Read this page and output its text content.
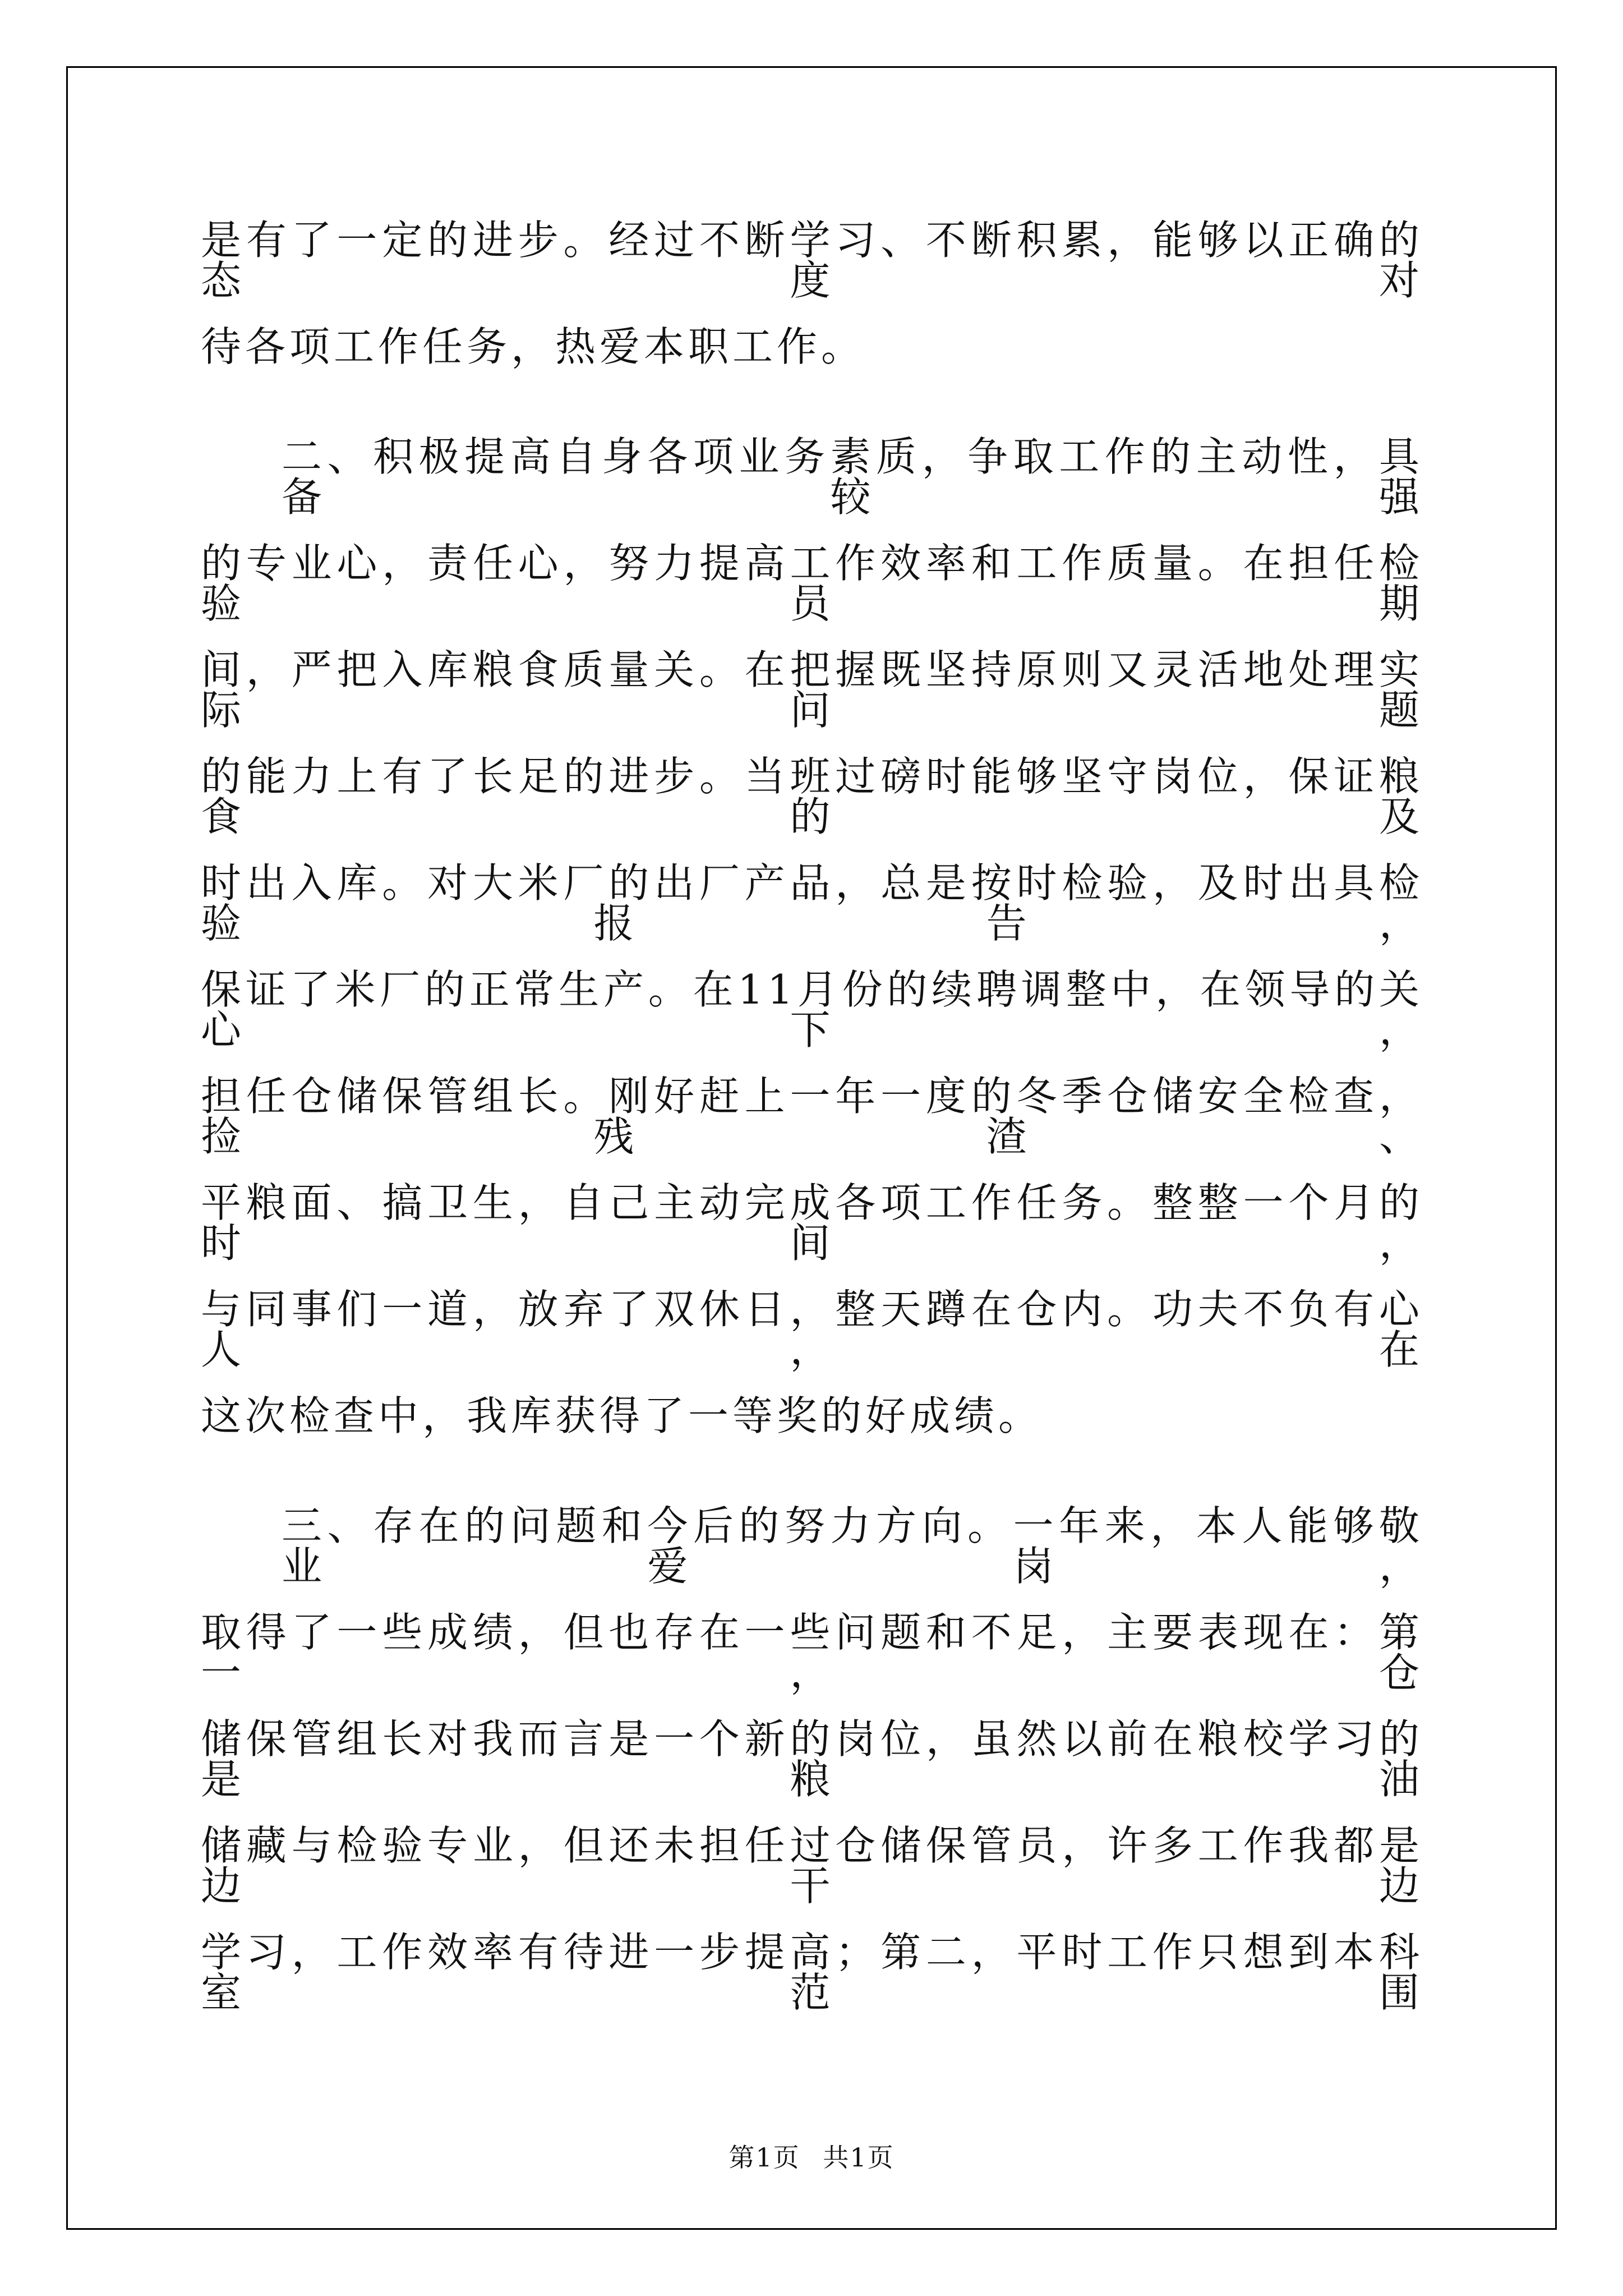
是有了一定的进步。经过不断学习、不断积累，能够以正确的态度对
待各项工作任务，热爱本职工作。
二、积极提高自身各项业务素质，争取工作的主动性，具备较强
的专业心，责任心，努力提高工作效率和工作质量。在担任检验员期
间，严把入库粮食质量关。在把握既坚持原则又灵活地处理实际问题
的能力上有了长足的进步。当班过磅时能够坚守岗位，保证粮食的及
时出入库。对大米厂的出厂产品，总是按时检验，及时出具检验报告，
保证了米厂的正常生产。在11月份的续聘调整中，在领导的关心下，
担任仓储保管组长。刚好赶上一年一度的冬季仓储安全检查，捡残渣、
平粮面、搞卫生，自己主动完成各项工作任务。整整一个月的时间，
与同事们一道，放弃了双休日，整天蹲在仓内。功夫不负有心人，在
这次检查中，我库获得了一等奖的好成绩。
三、存在的问题和今后的努力方向。一年来，本人能够敬业爱岗，
取得了一些成绩，但也存在一些问题和不足，主要表现在：第一，仓
储保管组长对我而言是一个新的岗位，虽然以前在粮校学习的是粮油
储藏与检验专业，但还未担任过仓储保管员，许多工作我都是边干边
学习，工作效率有待进一步提高；第二，平时工作只想到本科室范围
第1页 共1页
